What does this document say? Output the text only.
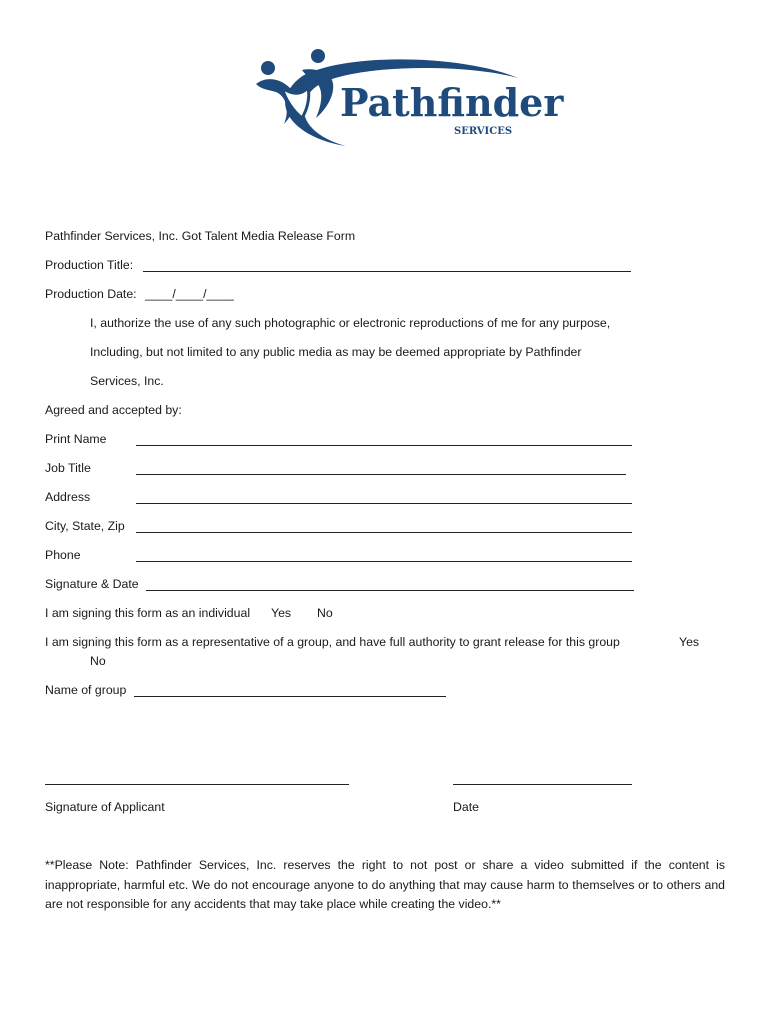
Pathfinder
SERVICES
Pathfinder Services, Inc. Got Talent Media Release Form
Production Title:
Production Date: ____/____/____
I, authorize the use of any such photographic or electronic reproductions of me for any purpose,
Including, but not limited to any public media as may be deemed appropriate by Pathfinder
Services, Inc.
Agreed and accepted by:
Print Name
Job Title
Address
City, State, Zip
Phone
Signature & Date
I am signing this form as an individual Yes No
I am signing this form as a representative of a group, and have full authority to grant release for this group	Yes
No
Name of group
Signature of Applicant	Date
**Please Note: Pathfinder Services, Inc. reserves the right to not post or share a video submitted if the content is inappropriate, harmful etc. We do not encourage anyone to do anything that may cause harm to themselves or to others and are not responsible for any accidents that may take place while creating the video.**
